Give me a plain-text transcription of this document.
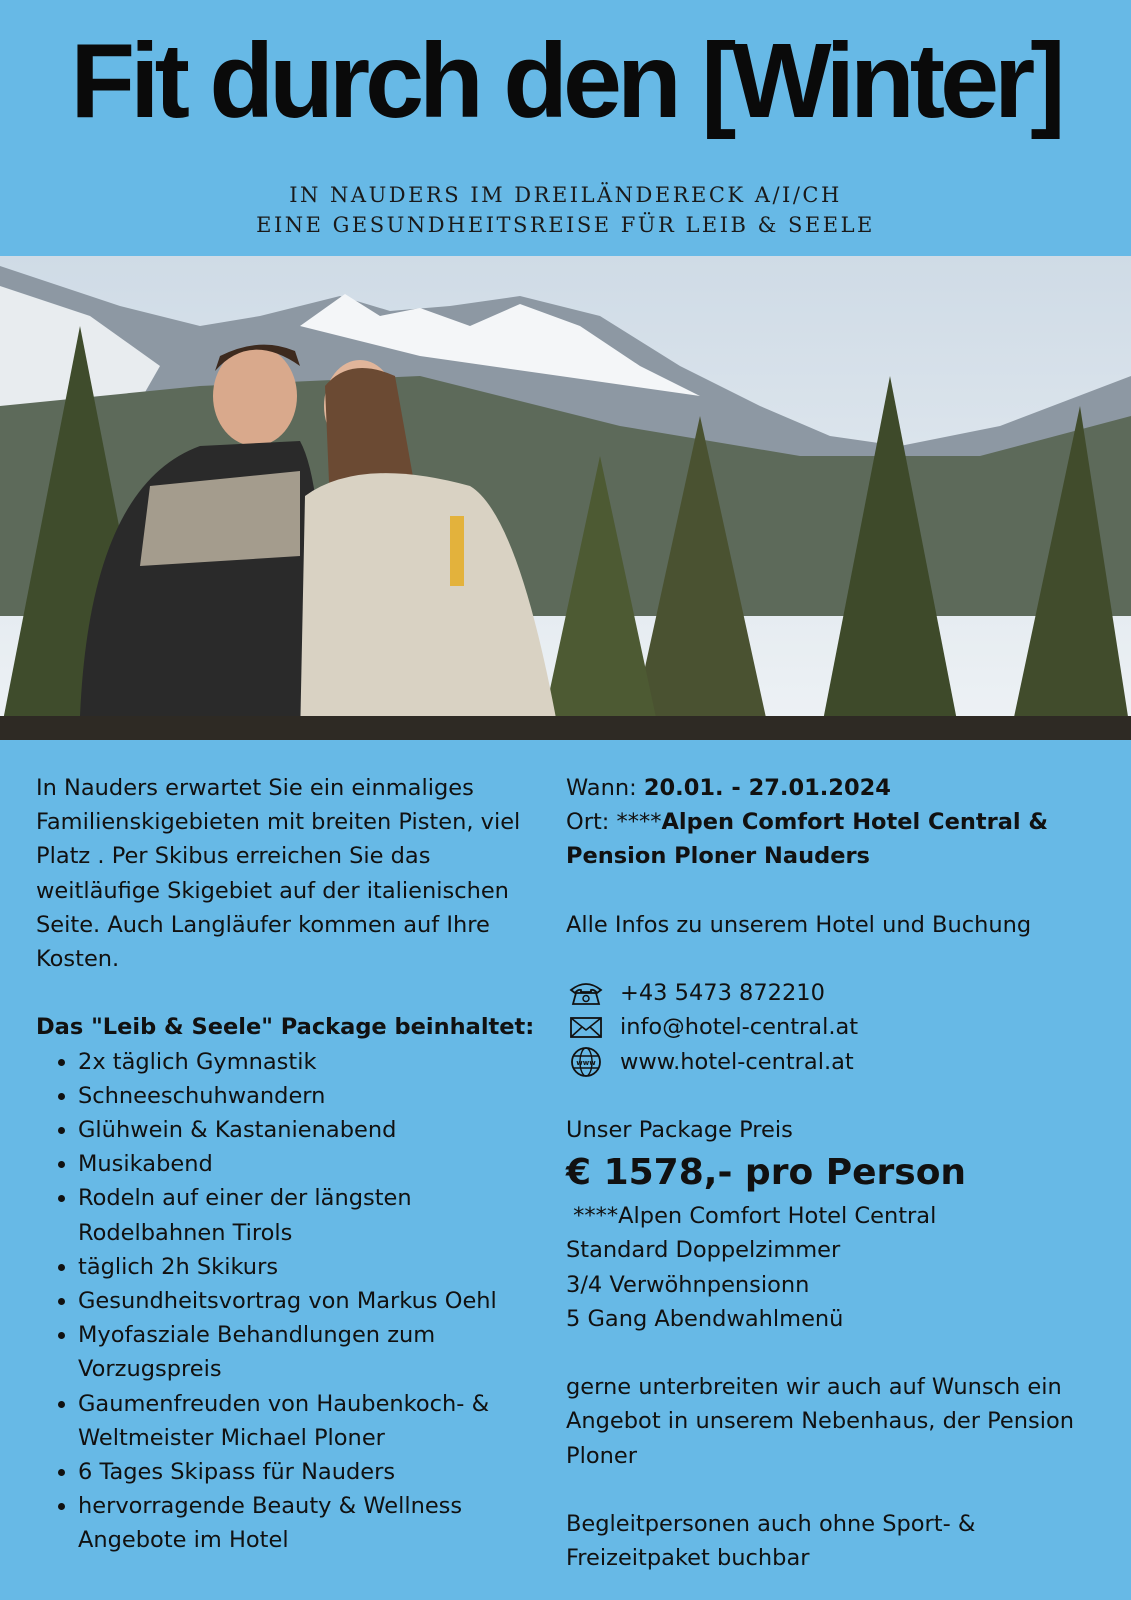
Fit durch den [Winter]
IN NAUDERS IM DREILÄNDERECK A/I/CH
EINE GESUNDHEITSREISE FÜR LEIB & SEELE

In Nauders erwartet Sie ein einmaliges Familienskigebieten mit breiten Pisten, viel Platz . Per Skibus erreichen Sie das weitläufige Skigebiet auf der italienischen Seite. Auch Langläufer kommen auf Ihre Kosten.

Das "Leib & Seele" Package beinhaltet:

• 2x täglich Gymnastik
• Schneeschuhwandern
• Glühwein & Kastanienabend
• Musikabend
• Rodeln auf einer der längsten Rodelbahnen Tirols
• täglich 2h Skikurs
• Gesundheitsvortrag von Markus Oehl
• Myofasziale Behandlungen zum Vorzugspreis
• Gaumenfreuden von Haubenkoch- & Weltmeister Michael Ploner
• 6 Tages Skipass für Nauders
• hervorragende Beauty & Wellness Angebote im Hotel

Wann: 20.01. - 27.01.2024

Ort: ****Alpen Comfort Hotel Central & Pension Ploner Nauders

Alle Infos zu unserem Hotel und Buchung

+43 5473 872210
info@hotel-central.at
www www.hotel-central.at

Unser Package Preis

€ 1578,- pro Person

****Alpen Comfort Hotel Central

Standard Doppelzimmer

3/4 Verwöhnpensionn

5 Gang Abendwahlmenü

gerne unterbreiten wir auch auf Wunsch ein Angebot in unserem Nebenhaus, der Pension Ploner

Begleitpersonen auch ohne Sport- & Freizeitpaket buchbar
